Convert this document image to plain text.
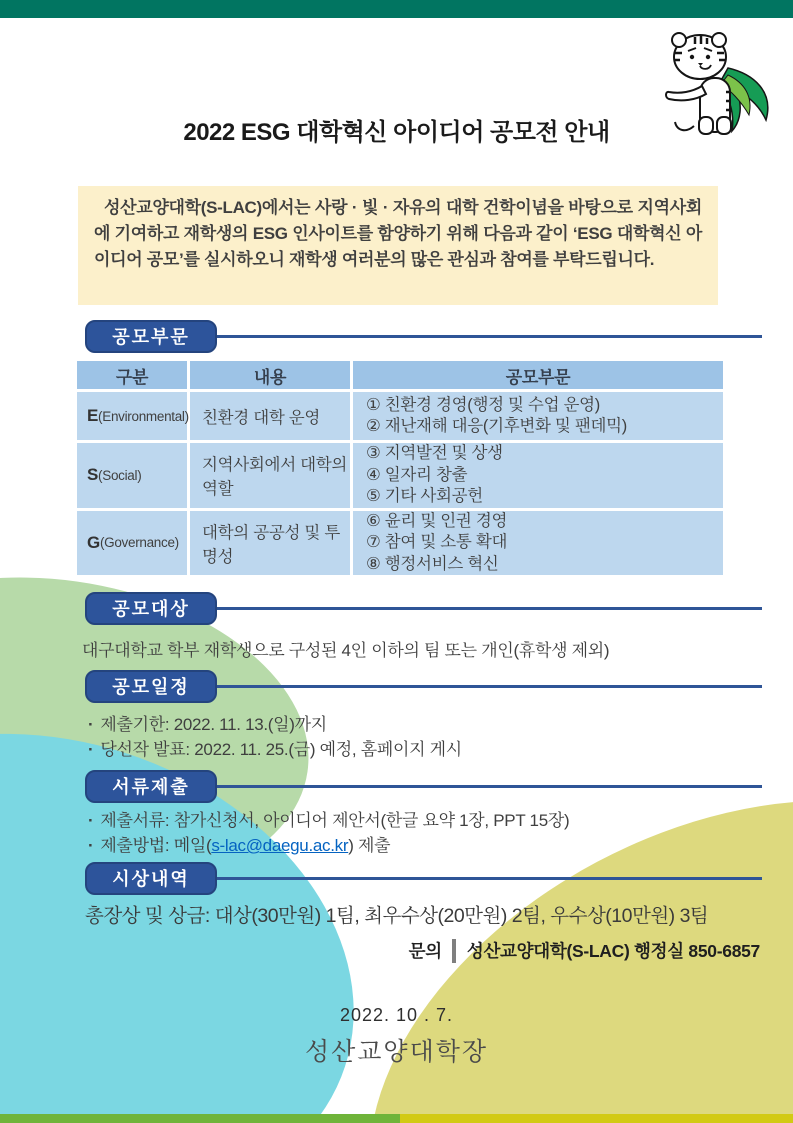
2022 ESG 대학혁신 아이디어 공모전 안내
성산교양대학(S-LAC)에서는 사랑 · 빛 · 자유의 대학 건학이념을 바탕으로 지역사회에 기여하고 재학생의 ESG 인사이트를 함양하기 위해 다음과 같이 ‘ESG 대학혁신 아이디어 공모’를 실시하오니 재학생 여러분의 많은 관심과 참여를 부탁드립니다.
공모부문
구분	내용	공모부문
E (Environmental) 친환경 대학 운영
① 친환경 경영(행정 및 수업 운영)
② 재난재해 대응(기후변화 및 팬데믹)
S (Social)
지역사회에서 대학의 역할
③ 지역발전 및 상생
④ 일자리 창출
⑤ 기타 사회공헌
G (Governance)
대학의 공공성 및 투명성
⑥ 윤리 및 인권 경영
⑦ 참여 및 소통 확대
⑧ 행정서비스 혁신
공모대상
대구대학교 학부 재학생으로 구성된 4인 이하의 팀 또는 개인(휴학생 제외)
공모일정
· 제출기한: 2022. 11. 13.(일)까지
· 당선작 발표: 2022. 11. 25.(금) 예정, 홈페이지 게시
서류제출
· 제출서류: 참가신청서, 아이디어 제안서(한글 요약 1장, PPT 15장)
· 제출방법: 메일(s-lac@daegu.ac.kr) 제출
시상내역
총장상 및 상금: 대상(30만원) 1팀, 최우수상(20만원) 2팀, 우수상(10만원) 3팀
문의 성산교양대학(S-LAC) 행정실 850-6857
2022. 10 . 7.
성산교양대학장
